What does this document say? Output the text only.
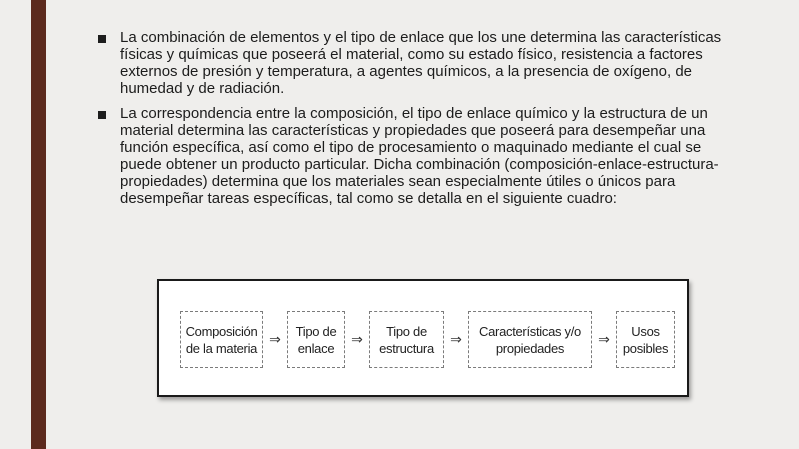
La combinación de elementos y el tipo de enlace que los une determina las características físicas y químicas que poseerá el material, como su estado físico, resistencia a factores externos de presión y temperatura, a agentes químicos, a la presencia de oxígeno, de humedad y de radiación.
La correspondencia entre la composición, el tipo de enlace químico y la estructura de un material determina las características y propiedades que poseerá para desempeñar una función específica, así como el tipo de procesamiento o maquinado mediante el cual se puede obtener un producto particular. Dicha combinación (composición-enlace-estructura-propiedades) determina que los materiales sean especialmente útiles o únicos para desempeñar tareas específicas, tal como se detalla en el siguiente cuadro:
Composición
de la materia
⇒	Tipo de
enlace
⇒	Tipo de
estructura
⇒	Características y/o
propiedades
⇒	Usos
posibles
